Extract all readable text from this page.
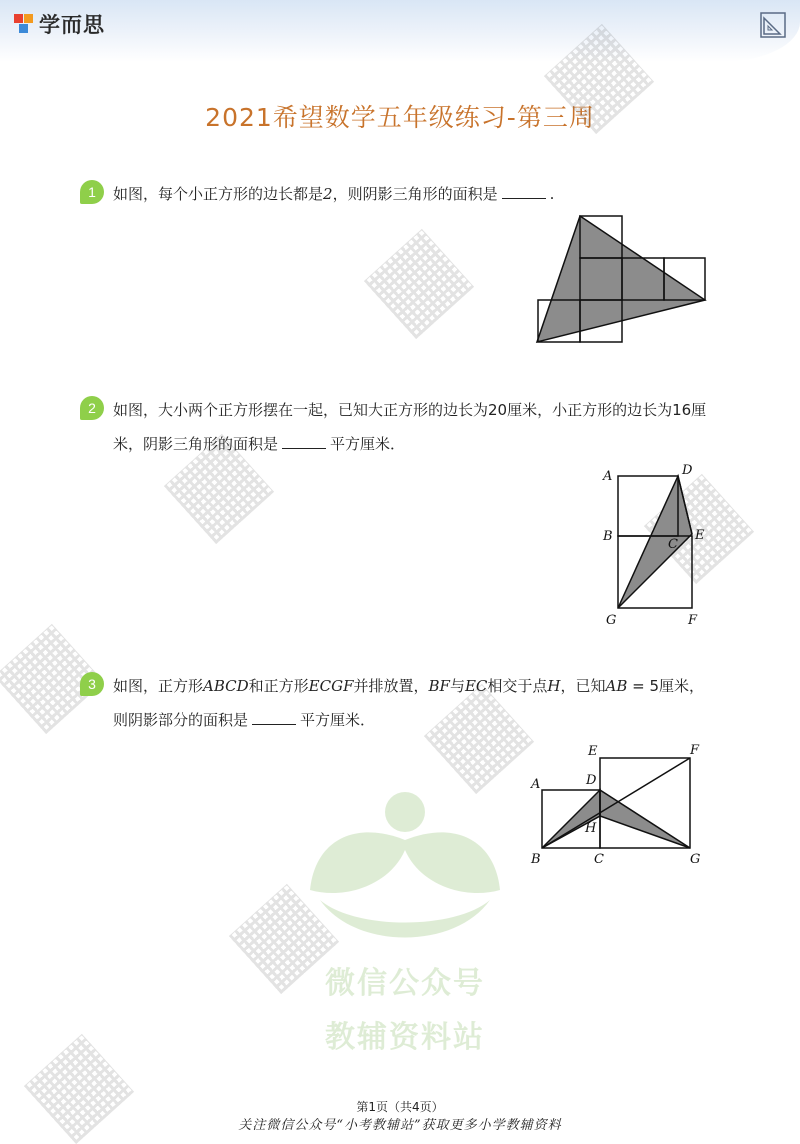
学而思
2021希望数学五年级练习-第三周
微信公众号
教辅资料站
1	如图，每个小正方形的边长都是2，则阴影三角形的面积是	.
2	如图，大小两个正方形摆在一起，已知大正方形的边长为20厘米，小正方形的边长为16厘
米，阴影三角形的面积是	平方厘米．
A	D
B
C
E
G	F
3	如图，正方形ABCD和正方形ECGF并排放置，BF与EC相交于点H，已知AB = 5厘米，
则阴影部分的面积是	平方厘米．
A	D
E	F
H
B	C	G
第1页（共4页）
关注微信公众号“小考教辅站”获取更多小学教辅资料
